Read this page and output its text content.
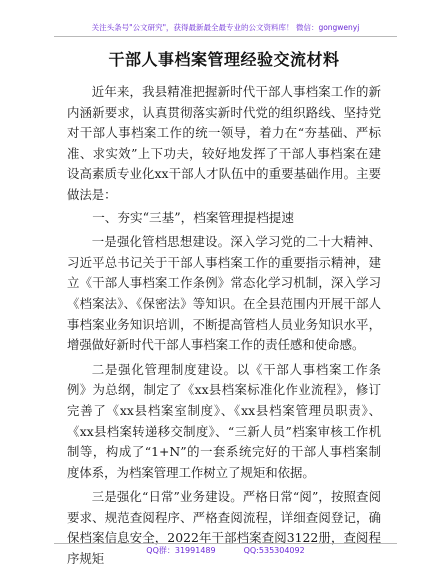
关注头条号"公文研究"，获得最新最全最专业的公文资料库！ 微信：gongwenyj
干部人事档案管理经验交流材料

近年来，我县精准把握新时代干部人事档案工作的新内涵新要求，认真贯彻落实新时代党的组织路线、坚持党对干部人事档案工作的统一领导，着力在“夯基础、严标准、求实效”上下功夫，较好地发挥了干部人事档案在建设高素质专业化xx干部人才队伍中的重要基础作用。主要做法是：

一、夯实“三基”，档案管理提档提速

一是强化管档思想建设。深入学习党的二十大精神、习近平总书记关于干部人事档案工作的重要指示精神，建立《干部人事档案工作条例》常态化学习机制，深入学习《档案法》、《保密法》等知识。在全县范围内开展干部人事档案业务知识培训，不断提高管档人员业务知识水平，增强做好新时代干部人事档案工作的责任感和使命感。

二是强化管理制度建设。以《干部人事档案工作条例》为总纲，制定了《xx县档案标准化作业流程》，修订完善了《xx县档案室制度》、《xx县档案管理员职责》、《xx县档案转递移交制度》、“三新人员”档案审核工作机制等，构成了“1+N”的一套系统完好的干部人事档案制度体系，为档案管理工作树立了规矩和依据。

三是强化“日常”业务建设。严格日常“阅”，按照查阅要求、规范查阅程序、严格查阅流程，详细查阅登记，确保档案信息安全，2022年干部档案查阅3122册，查阅程序规矩

QQ群：31991489	QQ:535304092
